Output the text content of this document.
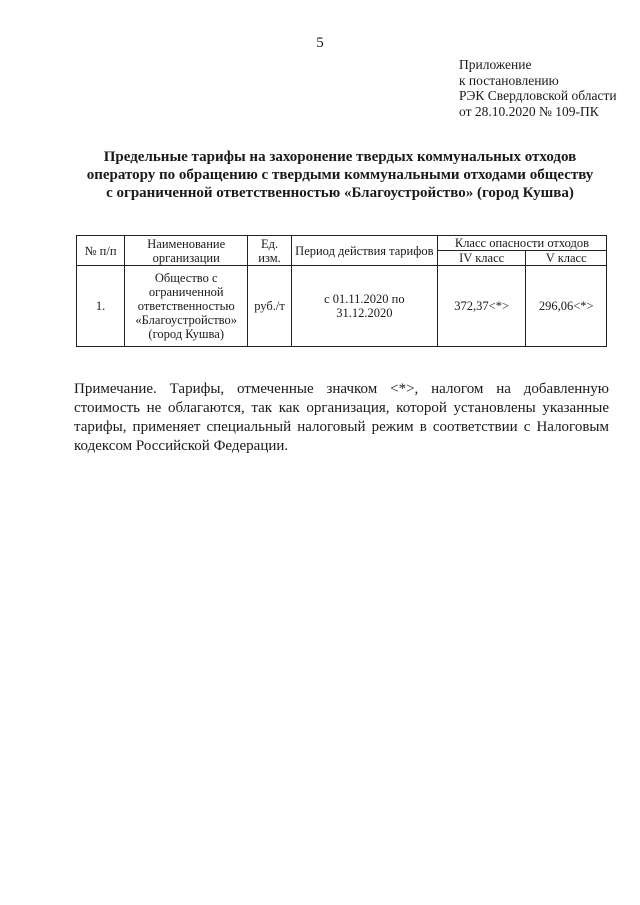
5
Приложение
к постановлению
РЭК Свердловской области
от 28.10.2020 № 109-ПК
Предельные тарифы на захоронение твердых коммунальных отходов
оператору по обращению с твердыми коммунальными отходами обществу
с ограниченной ответственностью «Благоустройство» (город Кушва)
№ п/п	Наименование организации	Ед. изм.	Период действия тарифов	Класс опасности отходов	
				IV класс	V класс
1.	Общество с ограниченной ответственностью «Благоустройство» (город Кушва)	руб./т	с 01.11.2020 по 31.12.2020	372,37<*>	296,06<*>
Примечание. Тарифы, отмеченные значком <*>, налогом на добавленную стоимость не облагаются, так как организация, которой установлены указанные тарифы, применяет специальный налоговый режим в соответствии с Налоговым кодексом Российской Федерации.
